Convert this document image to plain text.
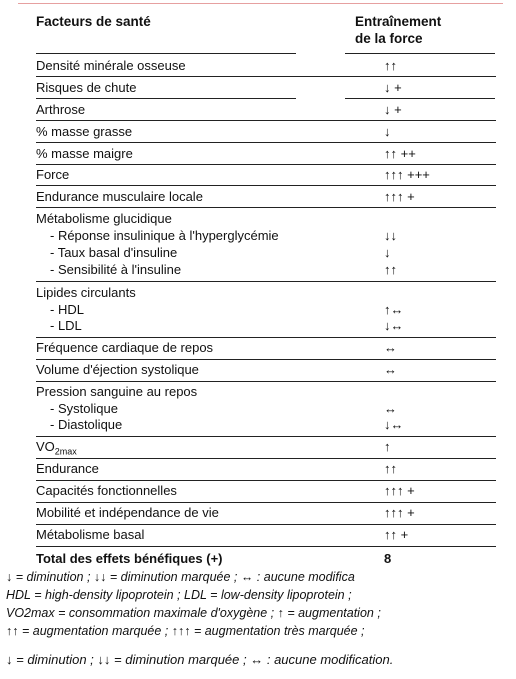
Facteurs de santé	Entraînement
de la force
Densité minérale osseuse	↑↑
Risques de chute	↓ +
Arthrose	↓ +
% masse grasse	↓
% masse maigre	↑↑ ++
Force	↑↑↑ +++
Endurance musculaire locale	↑↑↑ +
Métabolisme glucidique
- Réponse insulinique à l'hyperglycémie	↓↓
- Taux basal d'insuline	↓
- Sensibilité à l'insuline	↑↑
Lipides circulants
- HDL	↑↔
- LDL	↓↔
Fréquence cardiaque de repos	↔
Volume d'éjection systolique	↔
Pression sanguine au repos
- Systolique	↔
- Diastolique	↓↔
$VO_{2max}$	↑
Endurance	↑↑
Capacités fonctionnelles	↑↑↑ +
Mobilité et indépendance de vie	↑↑↑ +
Métabolisme basal	↑↑ +
Total des effets bénéfiques (+)	8
↓ = diminution ; ↓↓ = diminution marquée ; ↔ : aucune modifica
HDL = high-density lipoprotein ; LDL = low-density lipoprotein ;
VO2max = consommation maximale d'oxygène ; ↑ = augmentation ;
↑↑ = augmentation marquée ; ↑↑↑ = augmentation très marquée ;
↓ = diminution ; ↓↓ = diminution marquée ; ↔ : aucune modification.
